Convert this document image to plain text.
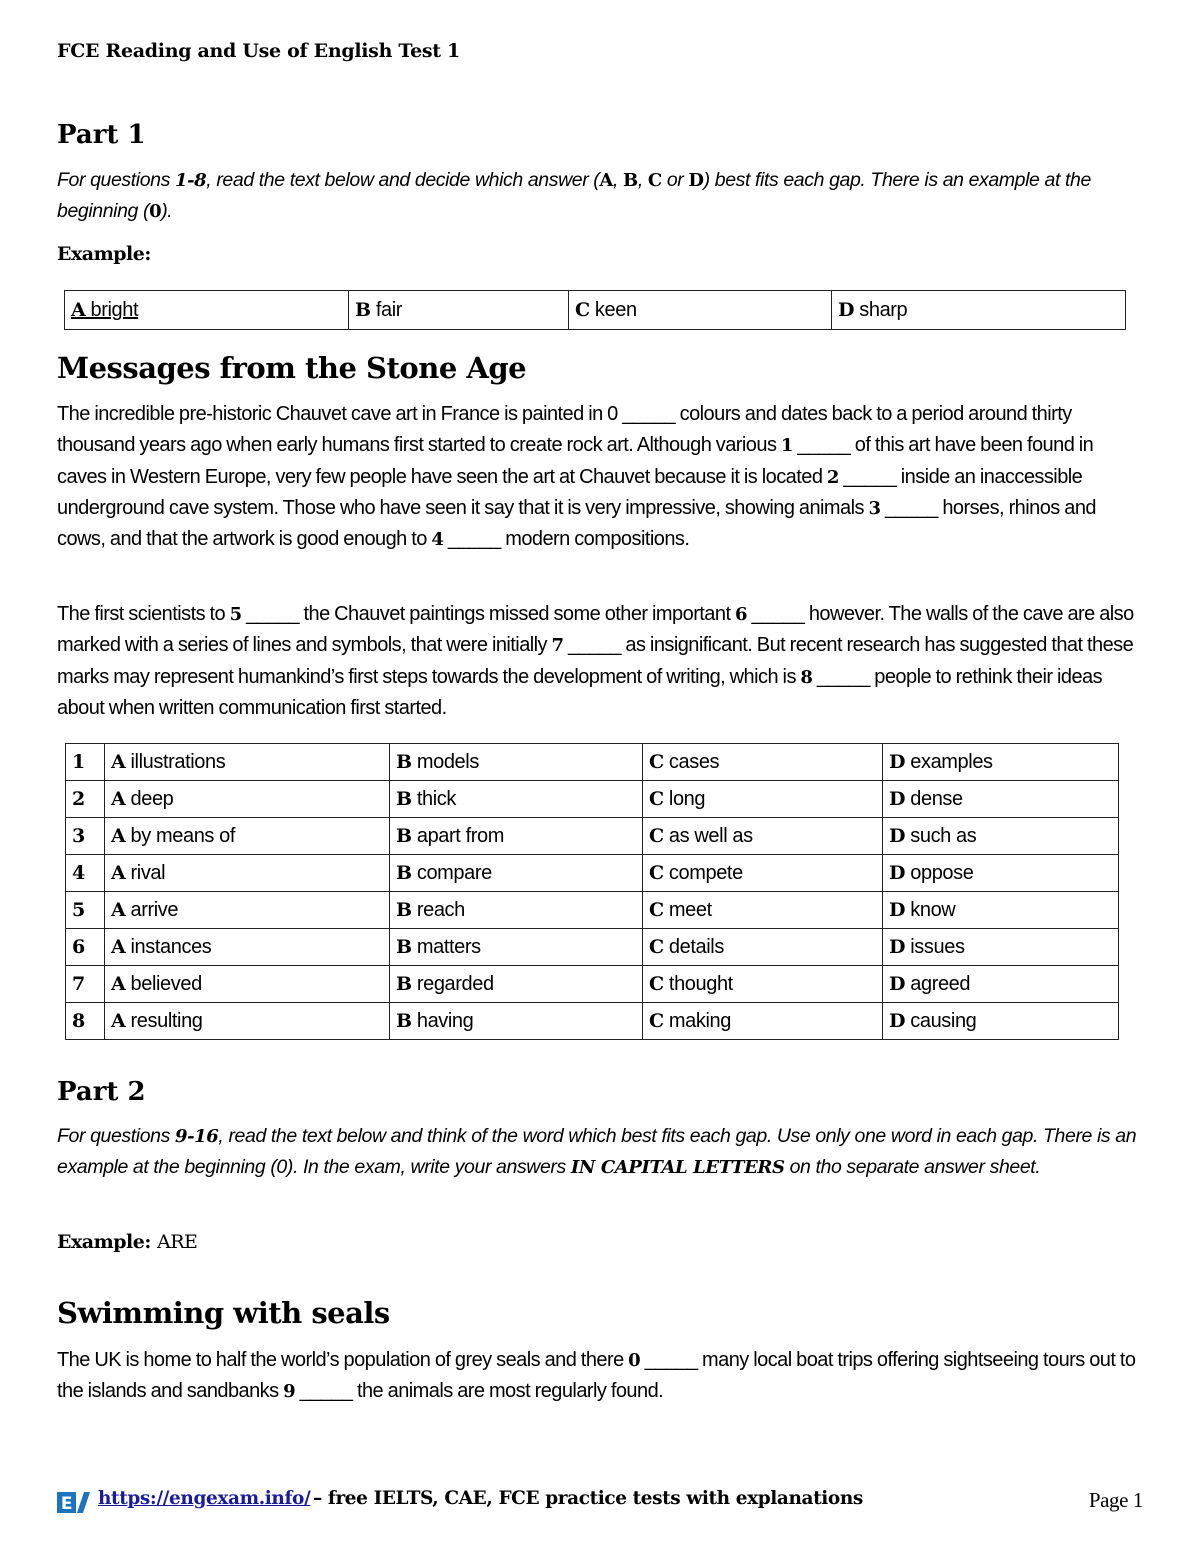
FCE Reading and Use of English Test 1
Part 1
For questions 1-8, read the text below and decide which answer (A, B, C or D) best fits each gap. There is an example at the beginning (0).
Example:
A bright	B fair	C keen	D sharp
Messages from the Stone Age
The incredible pre-historic Chauvet cave art in France is painted in 0 _____ colours and dates back to a period around thirty thousand years ago when early humans first started to create rock art. Although various 1 _____ of this art have been found in caves in Western Europe, very few people have seen the art at Chauvet because it is located 2 _____ inside an inaccessible underground cave system. Those who have seen it say that it is very impressive, showing animals 3 _____ horses, rhinos and cows, and that the artwork is good enough to 4 _____ modern compositions.
The first scientists to 5 _____ the Chauvet paintings missed some other important 6 _____ however. The walls of the cave are also marked with a series of lines and symbols, that were initially 7 _____ as insignificant. But recent research has suggested that these marks may represent humankind’s first steps towards the development of writing, which is 8 _____ people to rethink their ideas about when written communication first started.
1	A illustrations	B models	C cases	D examples
2	A deep	B thick	C long	D dense
3	A by means of	B apart from	C as well as	D such as
4	A rival	B compare	C compete	D oppose
5	A arrive	B reach	C meet	D know
6	A instances	B matters	C details	D issues
7	A believed	B regarded	C thought	D agreed
8	A resulting	B having	C making	D causing
Part 2
For questions 9-16, read the text below and think of the word which best fits each gap. Use only one word in each gap. There is an example at the beginning (0). In the exam, write your answers IN CAPITAL LETTERS on tho separate answer sheet.
Example: ARE
Swimming with seals
The UK is home to half the world’s population of grey seals and there 0 _____ many local boat trips offering sightseeing tours out to the islands and sandbanks 9 _____ the animals are most regularly found.
E https://engexam.info/ – free IELTS, CAE, FCE practice tests with explanations	Page 1
